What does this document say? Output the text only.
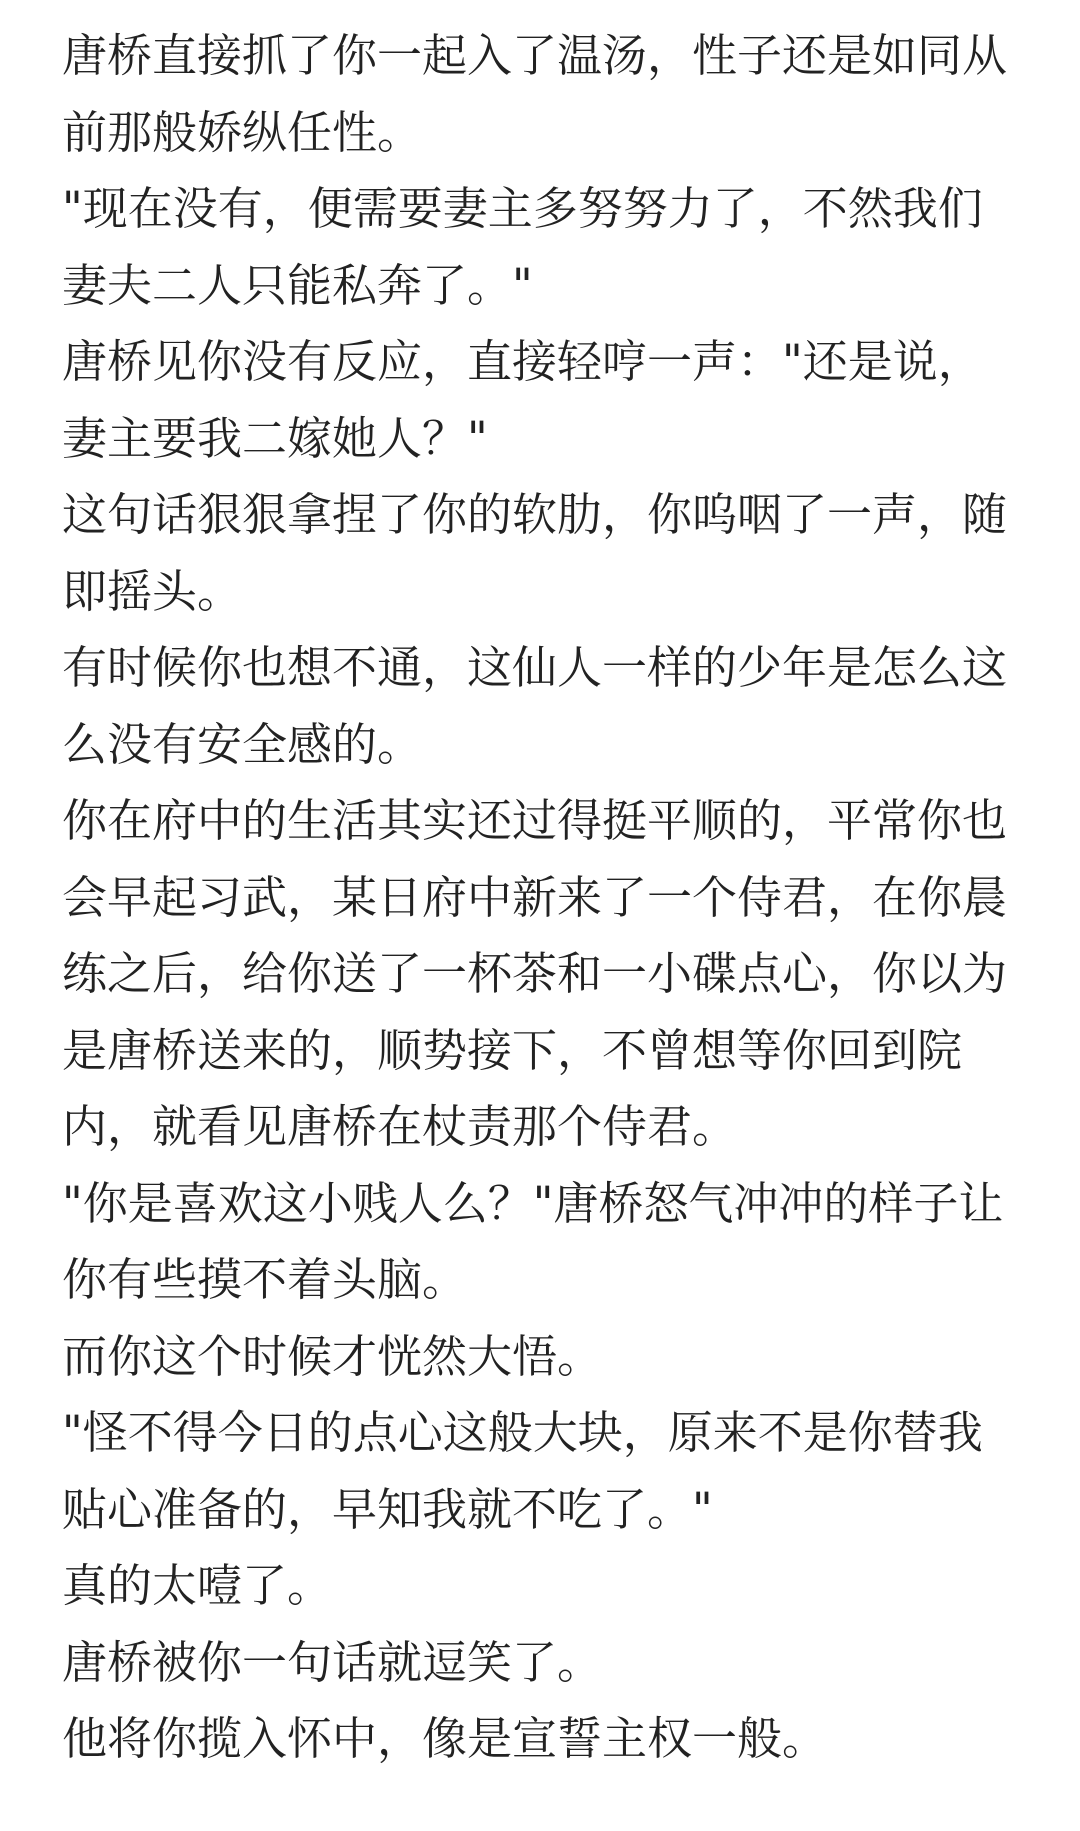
唐桥直接抓了你一起入了温汤，性子还是如同从前那般娇纵任性。

"现在没有，便需要妻主多努努力了，不然我们妻夫二人只能私奔了。"

唐桥见你没有反应，直接轻哼一声："还是说，妻主要我二嫁她人？"

这句话狠狠拿捏了你的软肋，你呜咽了一声，随即摇头。

有时候你也想不通，这仙人一样的少年是怎么这么没有安全感的。

你在府中的生活其实还过得挺平顺的，平常你也会早起习武，某日府中新来了一个侍君，在你晨练之后，给你送了一杯茶和一小碟点心，你以为是唐桥送来的，顺势接下，不曾想等你回到院内，就看见唐桥在杖责那个侍君。

"你是喜欢这小贱人么？"唐桥怒气冲冲的样子让你有些摸不着头脑。

而你这个时候才恍然大悟。

"怪不得今日的点心这般大块，原来不是你替我贴心准备的，早知我就不吃了。"

真的太噎了。

唐桥被你一句话就逗笑了。

他将你揽入怀中，像是宣誓主权一般。
